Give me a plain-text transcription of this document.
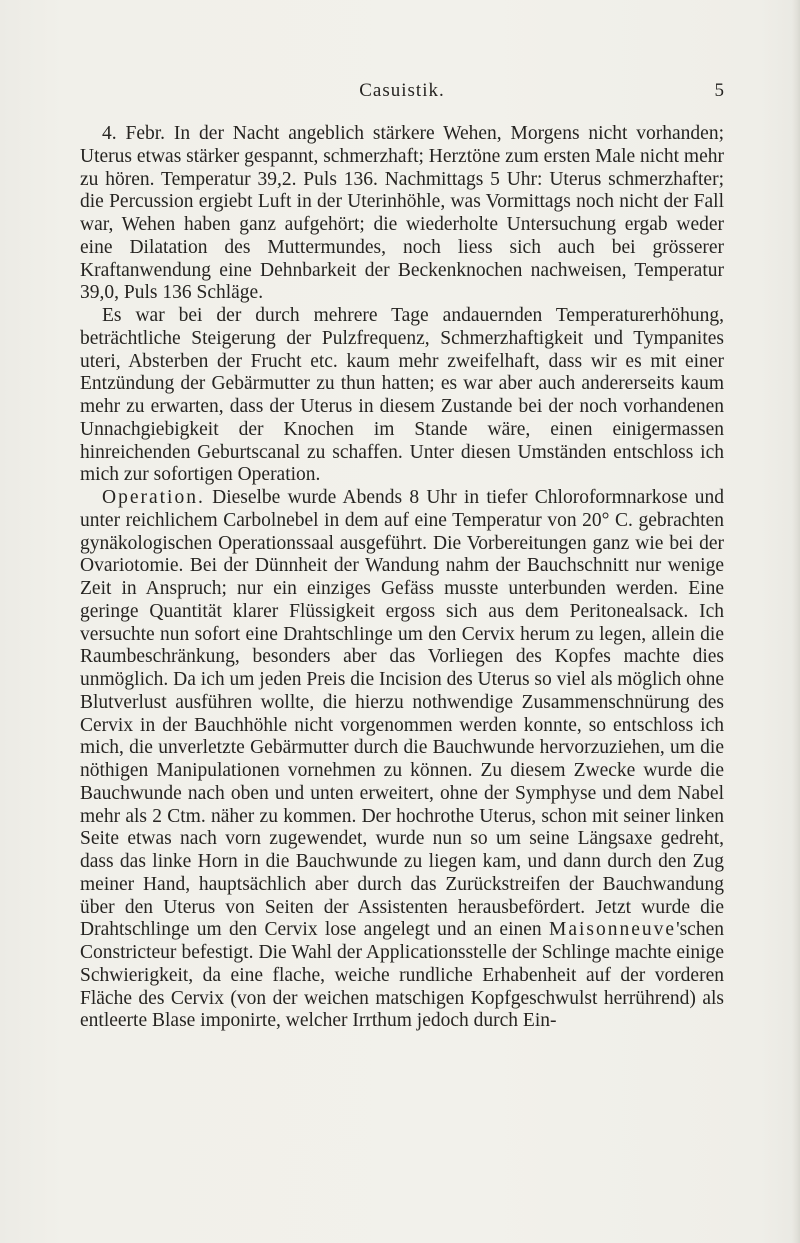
Casuistik.	5

4. Febr. In der Nacht angeblich stärkere Wehen, Morgens nicht vorhanden; Uterus etwas stärker gespannt, schmerzhaft; Herztöne zum ersten Male nicht mehr zu hören. Temperatur 39,2. Puls 136. Nachmittags 5 Uhr: Uterus schmerzhafter; die Percussion ergiebt Luft in der Uterinhöhle, was Vormittags noch nicht der Fall war, Wehen haben ganz aufgehört; die wiederholte Untersuchung ergab weder eine Dilatation des Muttermundes, noch liess sich auch bei grösserer Kraftanwendung eine Dehnbarkeit der Beckenknochen nachweisen, Temperatur 39,0, Puls 136 Schläge.

Es war bei der durch mehrere Tage andauernden Temperaturerhöhung, beträchtliche Steigerung der Pulzfrequenz, Schmerzhaftigkeit und Tympanites uteri, Absterben der Frucht etc. kaum mehr zweifelhaft, dass wir es mit einer Entzündung der Gebärmutter zu thun hatten; es war aber auch andererseits kaum mehr zu erwarten, dass der Uterus in diesem Zustande bei der noch vorhandenen Unnachgiebigkeit der Knochen im Stande wäre, einen einigermassen hinreichenden Geburtscanal zu schaffen. Unter diesen Umständen entschloss ich mich zur sofortigen Operation.

Operation. Dieselbe wurde Abends 8 Uhr in tiefer Chloroformnarkose und unter reichlichem Carbolnebel in dem auf eine Temperatur von 20° C. gebrachten gynäkologischen Operationssaal ausgeführt. Die Vorbereitungen ganz wie bei der Ovariotomie. Bei der Dünnheit der Wandung nahm der Bauchschnitt nur wenige Zeit in Anspruch; nur ein einziges Gefäss musste unterbunden werden. Eine geringe Quantität klarer Flüssigkeit ergoss sich aus dem Peritonealsack. Ich versuchte nun sofort eine Drahtschlinge um den Cervix herum zu legen, allein die Raumbeschränkung, besonders aber das Vorliegen des Kopfes machte dies unmöglich. Da ich um jeden Preis die Incision des Uterus so viel als möglich ohne Blutverlust ausführen wollte, die hierzu nothwendige Zusammenschnürung des Cervix in der Bauchhöhle nicht vorgenommen werden konnte, so entschloss ich mich, die unverletzte Gebärmutter durch die Bauchwunde hervorzuziehen, um die nöthigen Manipulationen vornehmen zu können. Zu diesem Zwecke wurde die Bauchwunde nach oben und unten erweitert, ohne der Symphyse und dem Nabel mehr als 2 Ctm. näher zu kommen. Der hochrothe Uterus, schon mit seiner linken Seite etwas nach vorn zugewendet, wurde nun so um seine Längsaxe gedreht, dass das linke Horn in die Bauchwunde zu liegen kam, und dann durch den Zug meiner Hand, hauptsächlich aber durch das Zurückstreifen der Bauchwandung über den Uterus von Seiten der Assistenten herausbefördert. Jetzt wurde die Drahtschlinge um den Cervix lose angelegt und an einen Maisonneuve'schen Constricteur befestigt. Die Wahl der Applicationsstelle der Schlinge machte einige Schwierigkeit, da eine flache, weiche rundliche Erhabenheit auf der vorderen Fläche des Cervix (von der weichen matschigen Kopfgeschwulst herrührend) als entleerte Blase imponirte, welcher Irrthum jedoch durch Ein-
